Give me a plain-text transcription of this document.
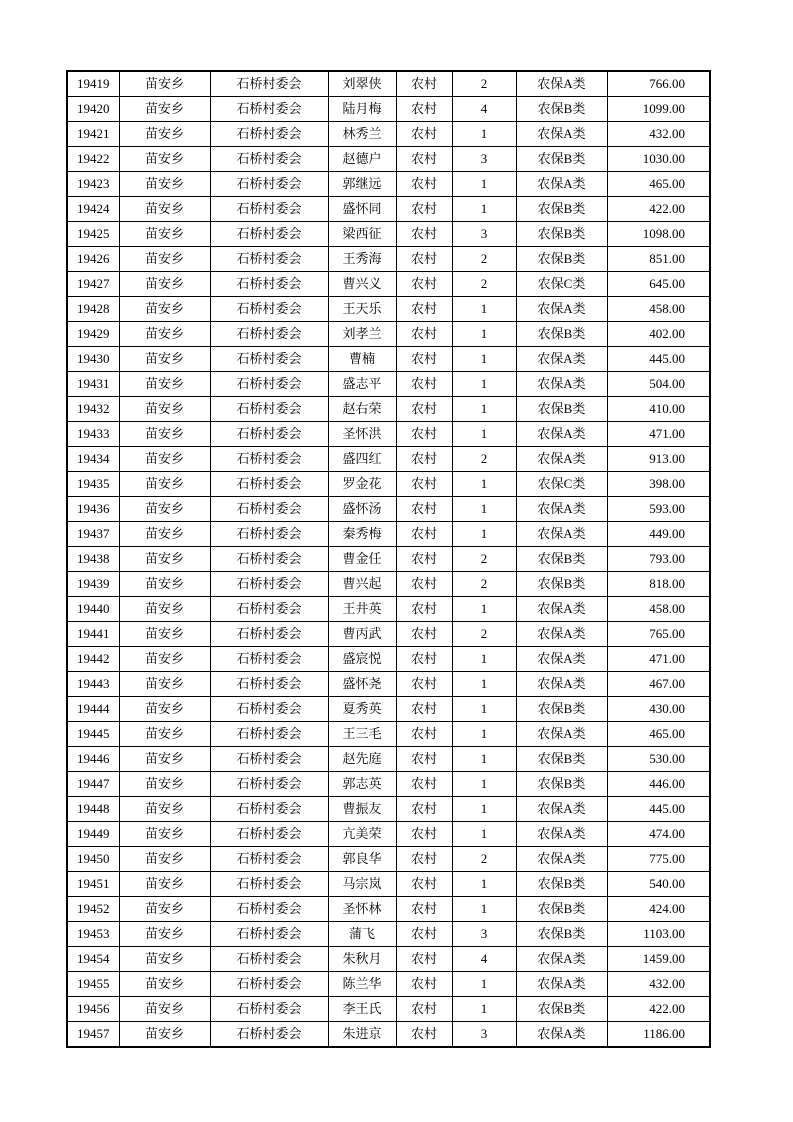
19419	苗安乡	石桥村委会	刘翠侠	农村	2	农保A类	766.00
19420	苗安乡	石桥村委会	陆月梅	农村	4	农保B类	1099.00
19421	苗安乡	石桥村委会	林秀兰	农村	1	农保A类	432.00
19422	苗安乡	石桥村委会	赵德户	农村	3	农保B类	1030.00
19423	苗安乡	石桥村委会	郭继远	农村	1	农保A类	465.00
19424	苗安乡	石桥村委会	盛怀同	农村	1	农保B类	422.00
19425	苗安乡	石桥村委会	梁西征	农村	3	农保B类	1098.00
19426	苗安乡	石桥村委会	王秀海	农村	2	农保B类	851.00
19427	苗安乡	石桥村委会	曹兴义	农村	2	农保C类	645.00
19428	苗安乡	石桥村委会	王天乐	农村	1	农保A类	458.00
19429	苗安乡	石桥村委会	刘孝兰	农村	1	农保B类	402.00
19430	苗安乡	石桥村委会	曹楠	农村	1	农保A类	445.00
19431	苗安乡	石桥村委会	盛志平	农村	1	农保A类	504.00
19432	苗安乡	石桥村委会	赵右荣	农村	1	农保B类	410.00
19433	苗安乡	石桥村委会	圣怀洪	农村	1	农保A类	471.00
19434	苗安乡	石桥村委会	盛四红	农村	2	农保A类	913.00
19435	苗安乡	石桥村委会	罗金花	农村	1	农保C类	398.00
19436	苗安乡	石桥村委会	盛怀汤	农村	1	农保A类	593.00
19437	苗安乡	石桥村委会	秦秀梅	农村	1	农保A类	449.00
19438	苗安乡	石桥村委会	曹金任	农村	2	农保B类	793.00
19439	苗安乡	石桥村委会	曹兴起	农村	2	农保B类	818.00
19440	苗安乡	石桥村委会	王井英	农村	1	农保A类	458.00
19441	苗安乡	石桥村委会	曹丙武	农村	2	农保A类	765.00
19442	苗安乡	石桥村委会	盛宸悦	农村	1	农保A类	471.00
19443	苗安乡	石桥村委会	盛怀尧	农村	1	农保A类	467.00
19444	苗安乡	石桥村委会	夏秀英	农村	1	农保B类	430.00
19445	苗安乡	石桥村委会	王三毛	农村	1	农保A类	465.00
19446	苗安乡	石桥村委会	赵先庭	农村	1	农保B类	530.00
19447	苗安乡	石桥村委会	郭志英	农村	1	农保B类	446.00
19448	苗安乡	石桥村委会	曹振友	农村	1	农保A类	445.00
19449	苗安乡	石桥村委会	亢美荣	农村	1	农保A类	474.00
19450	苗安乡	石桥村委会	郭良华	农村	2	农保A类	775.00
19451	苗安乡	石桥村委会	马宗岚	农村	1	农保B类	540.00
19452	苗安乡	石桥村委会	圣怀林	农村	1	农保B类	424.00
19453	苗安乡	石桥村委会	蒲飞	农村	3	农保B类	1103.00
19454	苗安乡	石桥村委会	朱秋月	农村	4	农保A类	1459.00
19455	苗安乡	石桥村委会	陈兰华	农村	1	农保A类	432.00
19456	苗安乡	石桥村委会	李王氏	农村	1	农保B类	422.00
19457	苗安乡	石桥村委会	朱进京	农村	3	农保A类	1186.00
